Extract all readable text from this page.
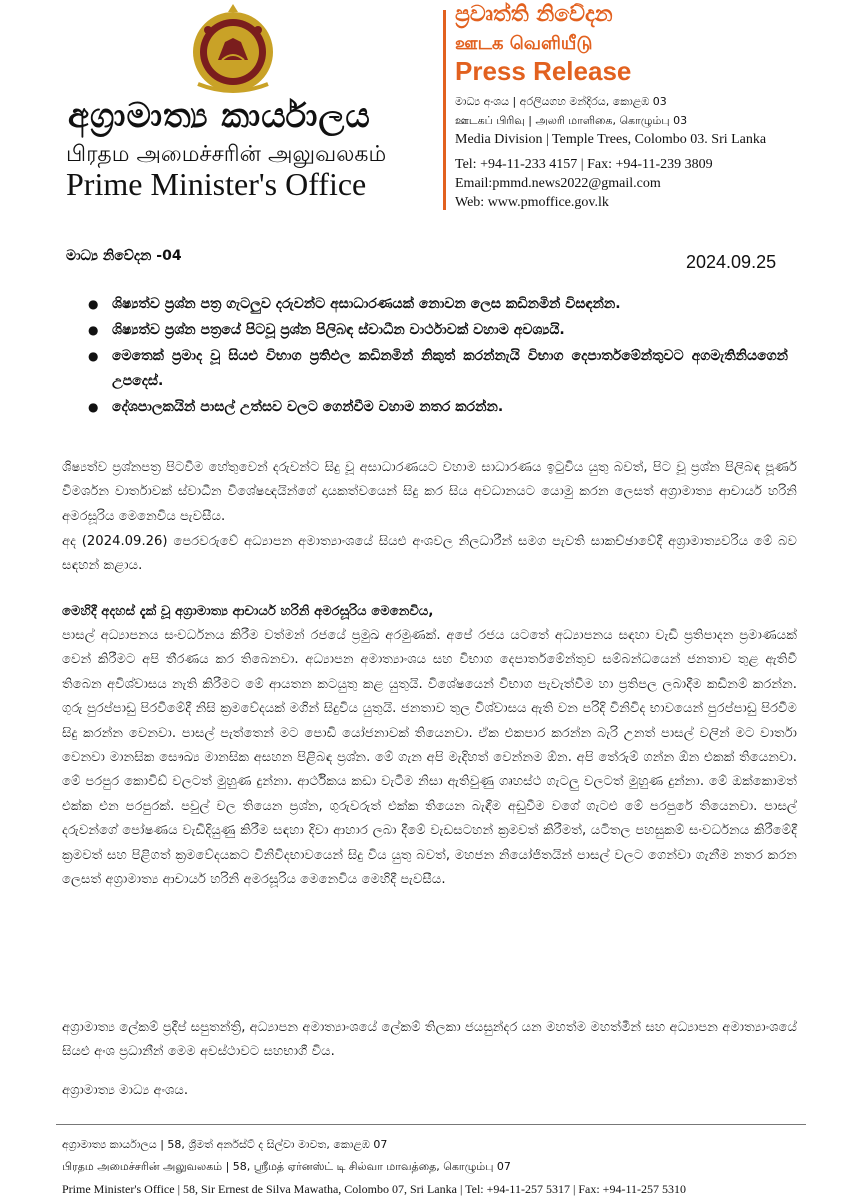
අග්‍රාමාත්‍ය කාර්යාලය
பிரதம அமைச்சரின் அலுவலகம்
Prime Minister's Office
ප්‍රවෘත්ති නිවේදන
ஊடக வெளியீடு
Press Release
මාධ්‍ය අංශය | අරලියගහ මන්දිරය, කොළඹ 03
ஊடகப் பிரிவு | அலரி மாளிகை, கொழும்பு 03
Media Division | Temple Trees, Colombo 03. Sri Lanka
Tel: +94-11-233 4157 | Fax: +94-11-239 3809
Email:pmmd.news2022@gmail.com
Web: www.pmoffice.gov.lk
මාධ්‍ය නිවේදන -04	2024.09.25
● ශිෂ්‍යත්ව ප්‍රශ්න පත්‍ර ගැටලුව දරුවන්ට අසාධාරණයක් නොවන ලෙස කඩිනමින් විසඳන්න.
● ශිෂ්‍යත්ව ප්‍රශ්න පත්‍රයේ පිටවූ ප්‍රශ්න පිලිබඳ ස්වාධීන වාර්ථාවක් වහාම අවශ්‍යයි.
● මෙතෙක් ප්‍රමාද වූ සියළු විභාග ප්‍රතිඵල කඩිනමින් නිකුත් කරන්නැයි විභාග දෙපාර්තමේන්තුවට අගමැතිනියගෙන් උපදෙස්.
● දේශපාලකයින් පාසල් උත්සව වලට ගෙන්වීම වහාම නතර කරන්න.
ශිෂ්‍යත්ව ප්‍රශ්නපත්‍ර පිටවීම හේතුවෙන් දරුවන්ට සිදු වූ අසාධාරණයට වහාම සාධාරණය ඉටුවිය යුතු බවත්, පිට වූ ප්‍රශ්න පිලිබඳ පූර්ණ විමර්ශන වාර්තාවක් ස්වාධීන විශේෂඥයින්ගේ දායකත්වයෙන් සිදු කර සිය අවධානයට යොමු කරන ලෙසත් අග්‍රාමාත්‍ය ආචාර්ය හරිනි අමරසූරිය මෙනෙවිය පැවසීය.
අද (2024.09.26) පෙරවරුවේ අධ්‍යාපන අමාත්‍යාංශයේ සියළු අංශවල නිලධාරීන් සමග පැවති සාකච්ඡාවේදී අග්‍රාමාත්‍යවරිය මේ බව සඳහන් කළාය.
මෙහිදී අදහස් දැක් වූ අග්‍රාමාත්‍ය ආචාර්ය හරිනි අමරසූරිය මෙනෙවිය,
පාසල් අධ්‍යාපනය සංවර්ධනය කිරීම වත්මන් රජයේ ප්‍රමුඛ අරමුණක්. අපේ රජය යටතේ අධ්‍යාපනය සඳහා වැඩි ප්‍රතිපාදන ප්‍රමාණයක් වෙන් කිරීමට අපි තීරණය කර තිබෙනවා. අධ්‍යාපන අමාත්‍යාංශය සහ විභාග දෙපාර්තමේන්තුව සම්බන්ධයෙන් ජනතාව තුළ ඇතිවී තිබෙන අවිශ්වාසය නැති කිරීමට මේ ආයතන කටයුතු කළ යුතුයි. විශේෂයෙන් විභාග පැවැත්වීම හා ප්‍රතිපල ලබාදීම කඩිනම් කරන්න. ගුරු පුරප්පාඩු පිරවීමේදී නිසි ක්‍රමවේදයක් මගින් සිදුවිය යුතුයි. ජනතාව තුල විශ්වාසය ඇති වන පරිදි විනිවිද භාවයෙන් පුරප්පාඩු පිරවීම සිදු කරන්න වෙනවා. පාසල් පැත්තෙන් මට පොඩි යෝජනාවක් තියෙනවා. ඒක එකපාර කරන්න බැරි උනත් පාසල් වලින් මට වාර්තා වෙනවා මානසික සෞඛ්‍ය මානසික අසහන පිළිබඳ ප්‍රශ්න. මේ ගැන අපි මැදිහත් වෙන්නම ඕන. අපි තේරුම් ගන්න ඕන එකක් තියෙනවා. මේ පරපුර කොවිඩ් වලටත් මුහුණ දුන්නා. ආර්ථිකය කඩා වැටීම නිසා ඇතිවුණු ගෘහස්ථ ගැටලු වලටත් මුහුණ දුන්නා. මේ ඔක්කොමත් එක්ක එන පරපුරක්. පවුල් වල තියෙන ප්‍රශ්න, ගුරුවරුත් එක්ක තියෙන බැඳීම අඩුවීම වගේ ගැටළු මේ පරපුරේ තියෙනවා. පාසල් දරුවන්ගේ පෝෂණය වැඩිදියුණු කිරීම සඳහා දිවා ආහාර ලබා දීමේ වැඩසටහන් ක්‍රමවත් කිරීමත්, යටිතල පහසුකම් සංවර්ධනය කිරීමේදී ක්‍රමවත් සහ පිළිගත් ක්‍රමවේදයකට විනිවිදභාවයෙන් සිදු විය යුතු බවත්, මහජන නියෝජිතයින් පාසල් වලට ගෙන්වා ගැනීම නතර කරන ලෙසත් අග්‍රාමාත්‍ය ආචාර්ය හරිනි අමරසූරිය මෙනෙවිය මෙහිදී පැවසීය.
අග්‍රාමාත්‍ය ලේකම් ප්‍රදීප් සපුතන්ත්‍රි, අධ්‍යාපන අමාත්‍යාංශයේ ලේකම් තිලකා ජයසුන්දර යන මහත්ම මහත්මීන් සහ අධ්‍යාපන අමාත්‍යාංශයේ සියළු අංශ ප්‍රධානීන් මෙම අවස්ථාවට සහභාගී විය.
අග්‍රාමාත්‍ය මාධ්‍ය අංශය.
අග්‍රාමාත්‍ය කාර්යාලය | 58, ශ්‍රීමත් අර්නස්ට් ද සිල්වා මාවත, කොළඹ 07
பிரதம அமைச்சரின் அலுவலகம் | 58, ஸ்ரீமத் ஏர்னஸ்ட் டி சில்வா மாவத்தை, கொழும்பு 07
Prime Minister's Office | 58, Sir Ernest de Silva Mawatha, Colombo 07, Sri Lanka | Tel: +94-11-257 5317 | Fax: +94-11-257 5310
